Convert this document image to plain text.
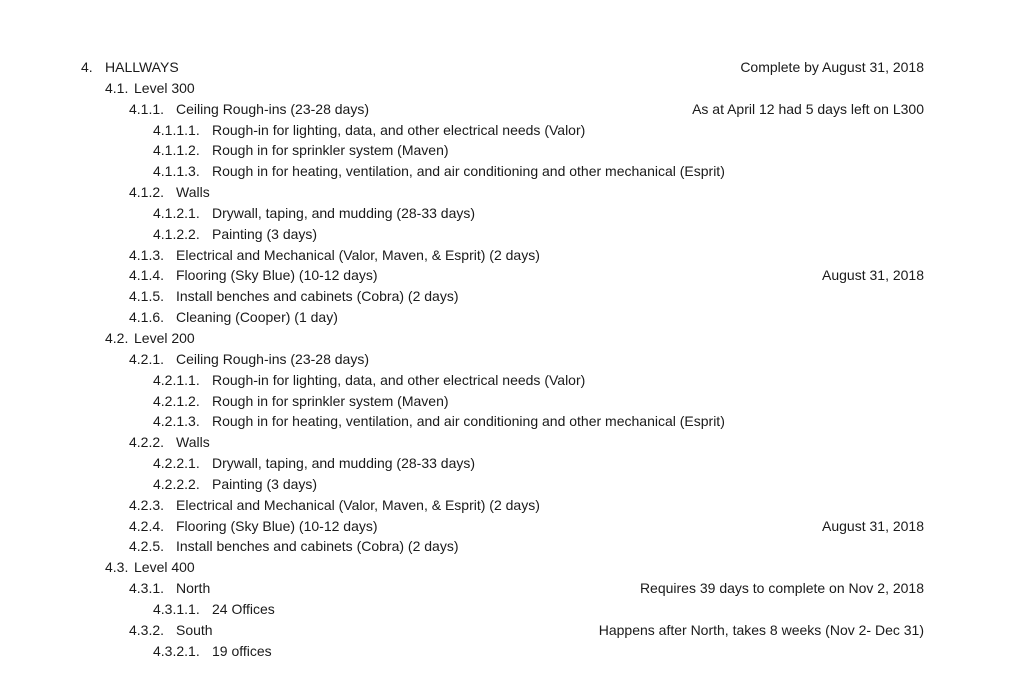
4. HALLWAYS	Complete by August 31, 2018
4.1. Level 300
4.1.1. Ceiling Rough-ins (23-28 days)	As at April 12 had 5 days left on L300
4.1.1.1. Rough-in for lighting, data, and other electrical needs (Valor)
4.1.1.2. Rough in for sprinkler system (Maven)
4.1.1.3. Rough in for heating, ventilation, and air conditioning and other mechanical (Esprit)
4.1.2. Walls
4.1.2.1. Drywall, taping, and mudding (28-33 days)
4.1.2.2. Painting (3 days)
4.1.3. Electrical and Mechanical (Valor, Maven, & Esprit) (2 days)
4.1.4. Flooring (Sky Blue) (10-12 days)	August 31, 2018
4.1.5. Install benches and cabinets (Cobra) (2 days)
4.1.6. Cleaning (Cooper) (1 day)
4.2. Level 200
4.2.1. Ceiling Rough-ins (23-28 days)
4.2.1.1. Rough-in for lighting, data, and other electrical needs (Valor)
4.2.1.2. Rough in for sprinkler system (Maven)
4.2.1.3. Rough in for heating, ventilation, and air conditioning and other mechanical (Esprit)
4.2.2. Walls
4.2.2.1. Drywall, taping, and mudding (28-33 days)
4.2.2.2. Painting (3 days)
4.2.3. Electrical and Mechanical (Valor, Maven, & Esprit) (2 days)
4.2.4. Flooring (Sky Blue) (10-12 days)	August 31, 2018
4.2.5. Install benches and cabinets (Cobra) (2 days)
4.3. Level 400
4.3.1. North	Requires 39 days to complete on Nov 2, 2018
4.3.1.1. 24 Offices
4.3.2. South	Happens after North, takes 8 weeks (Nov 2- Dec 31)
4.3.2.1. 19 offices
